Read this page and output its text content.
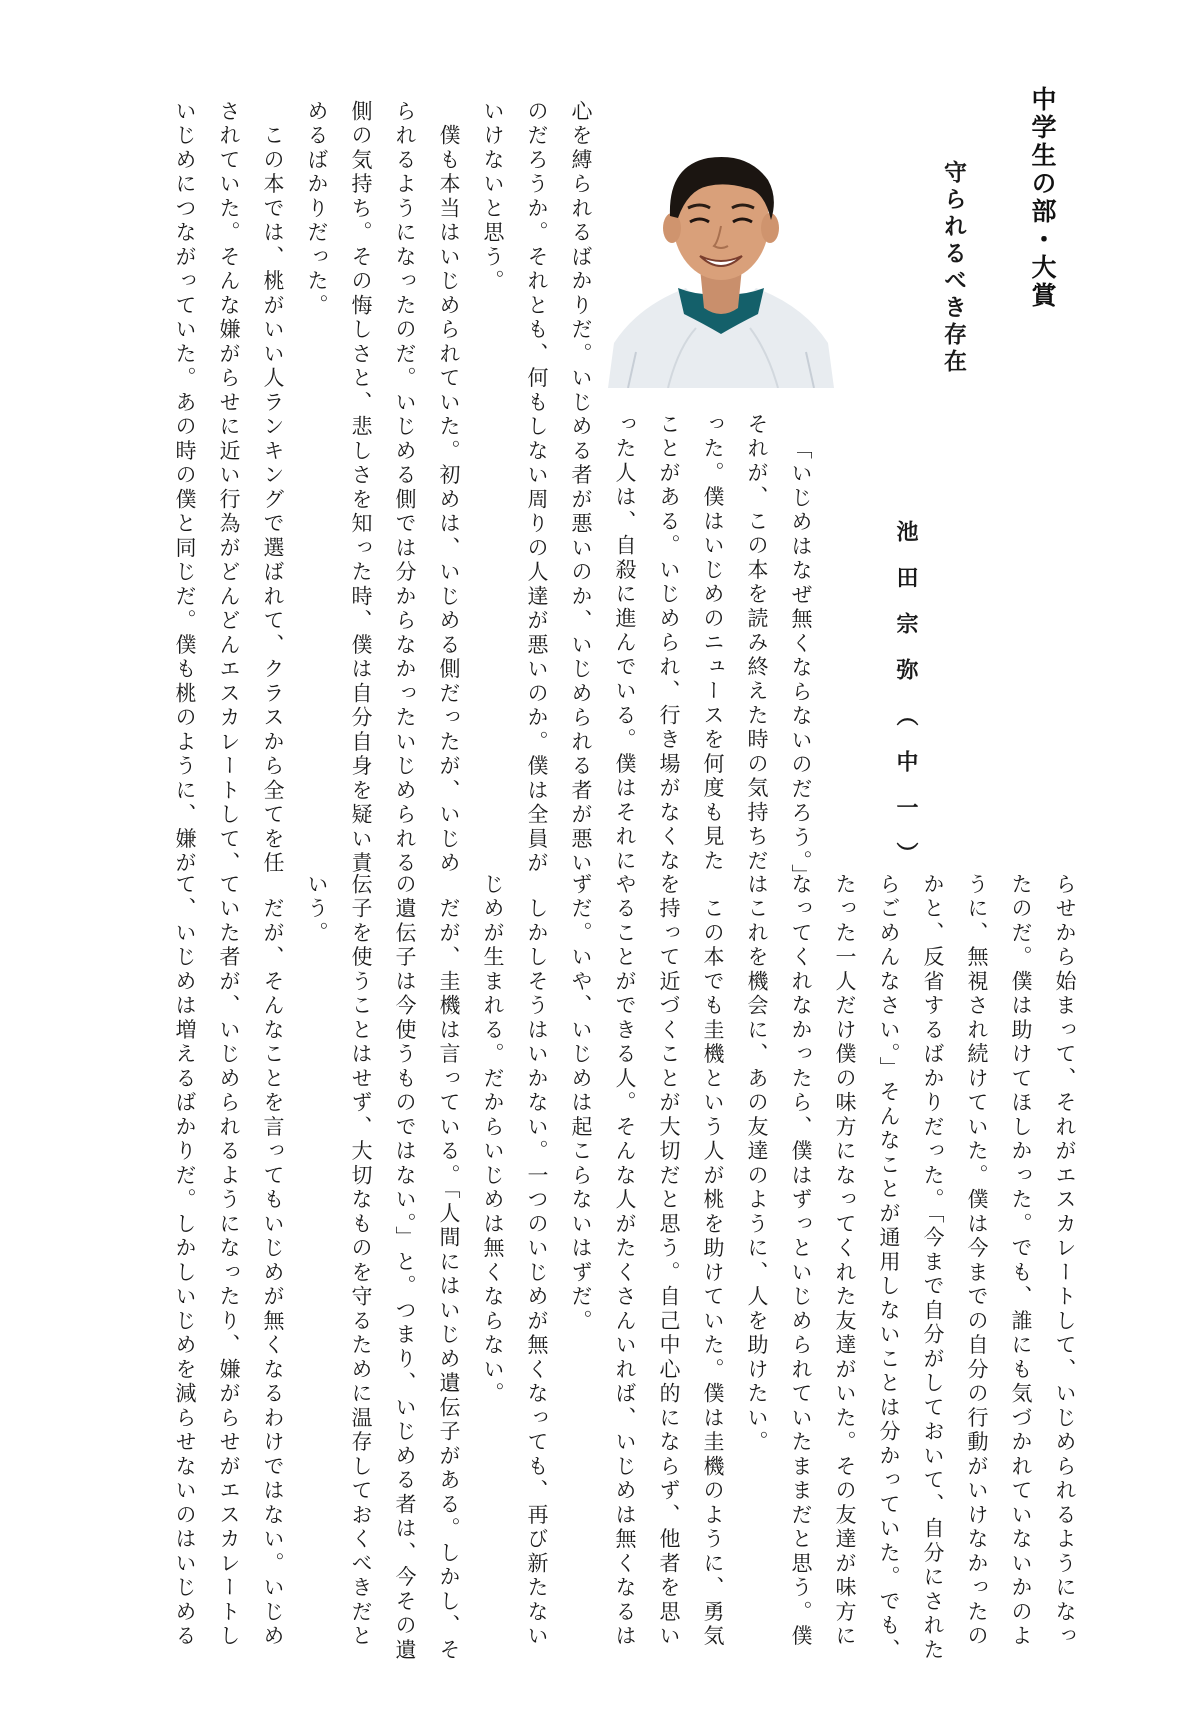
中学生の部・大賞
守られるべき存在
池田宗弥（中一）
「いじめはなぜ無くならないのだろう。」
それが、この本を読み終えた時の気持ちだ
った。僕はいじめのニュースを何度も見た
ことがある。いじめられ、行き場がなくな
った人は、自殺に進んでいる。僕はそれに
心を縛られるばかりだ。いじめる者が悪いのか、いじめられる者が悪い
のだろうか。それとも、何もしない周りの人達が悪いのか。僕は全員が
いけないと思う。
　僕も本当はいじめられていた。初めは、いじめる側だったが、いじめ
られるようになったのだ。いじめる側では分からなかったいじめられる
側の気持ち。その悔しさと、悲しさを知った時、僕は自分自身を疑い責
めるばかりだった。
　この本では、桃がいい人ランキングで選ばれて、クラスから全てを任
されていた。そんな嫌がらせに近い行為がどんどんエスカレートして、
いじめにつながっていた。あの時の僕と同じだ。僕も桃のように、嫌が
らせから始まって、それがエスカレートして、いじめられるようになっ
たのだ。僕は助けてほしかった。でも、誰にも気づかれていないかのよ
うに、無視され続けていた。僕は今までの自分の行動がいけなかったの
かと、反省するばかりだった。「今まで自分がしておいて、自分にされた
らごめんなさい。」そんなことが通用しないことは分かっていた。でも、
たった一人だけ僕の味方になってくれた友達がいた。その友達が味方に
なってくれなかったら、僕はずっといじめられていたままだと思う。僕
はこれを機会に、あの友達のように、人を助けたい。
　この本でも圭機という人が桃を助けていた。僕は圭機のように、勇気
を持って近づくことが大切だと思う。自己中心的にならず、他者を思い
やることができる人。そんな人がたくさんいれば、いじめは無くなるは
ずだ。いや、いじめは起こらないはずだ。
　しかしそうはいかない。一つのいじめが無くなっても、再び新たない
じめが生まれる。だからいじめは無くならない。
　だが、圭機は言っている。「人間にはいじめ遺伝子がある。しかし、そ
の遺伝子は今使うものではない。」と。つまり、いじめる者は、今その遺
伝子を使うことはせず、大切なものを守るために温存しておくべきだと
いう。
　だが、そんなことを言ってもいじめが無くなるわけではない。いじめ
ていた者が、いじめられるようになったり、嫌がらせがエスカレートし
て、いじめは増えるばかりだ。しかしいじめを減らせないのはいじめる
